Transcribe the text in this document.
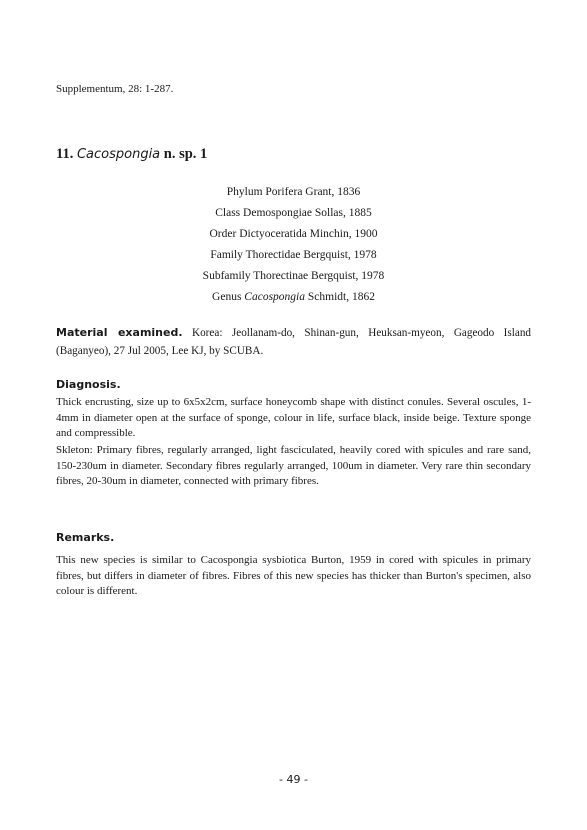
Supplementum, 28: 1-287.
11. Cacospongia n. sp. 1
Phylum Porifera Grant, 1836
Class Demospongiae Sollas, 1885
Order Dictyoceratida Minchin, 1900
Family Thorectidae Bergquist, 1978
Subfamily Thorectinae Bergquist, 1978
Genus Cacospongia Schmidt, 1862
Material examined. Korea: Jeollanam-do, Shinan-gun, Heuksan-myeon, Gageodo Island (Baganyeo), 27 Jul 2005, Lee KJ, by SCUBA.
Diagnosis.
Thick encrusting, size up to 6x5x2cm, surface honeycomb shape with distinct conules. Several oscules, 1-4mm in diameter open at the surface of sponge, colour in life, surface black, inside beige. Texture sponge and compressible.
Skleton: Primary fibres, regularly arranged, light fasciculated, heavily cored with spicules and rare sand, 150-230um in diameter. Secondary fibres regularly arranged, 100um in diameter. Very rare thin secondary fibres, 20-30um in diameter, connected with primary fibres.
Remarks.
This new species is similar to Cacospongia sysbiotica Burton, 1959 in cored with spicules in primary fibres, but differs in diameter of fibres. Fibres of this new species has thicker than Burton's specimen, also colour is different.
- 49 -
